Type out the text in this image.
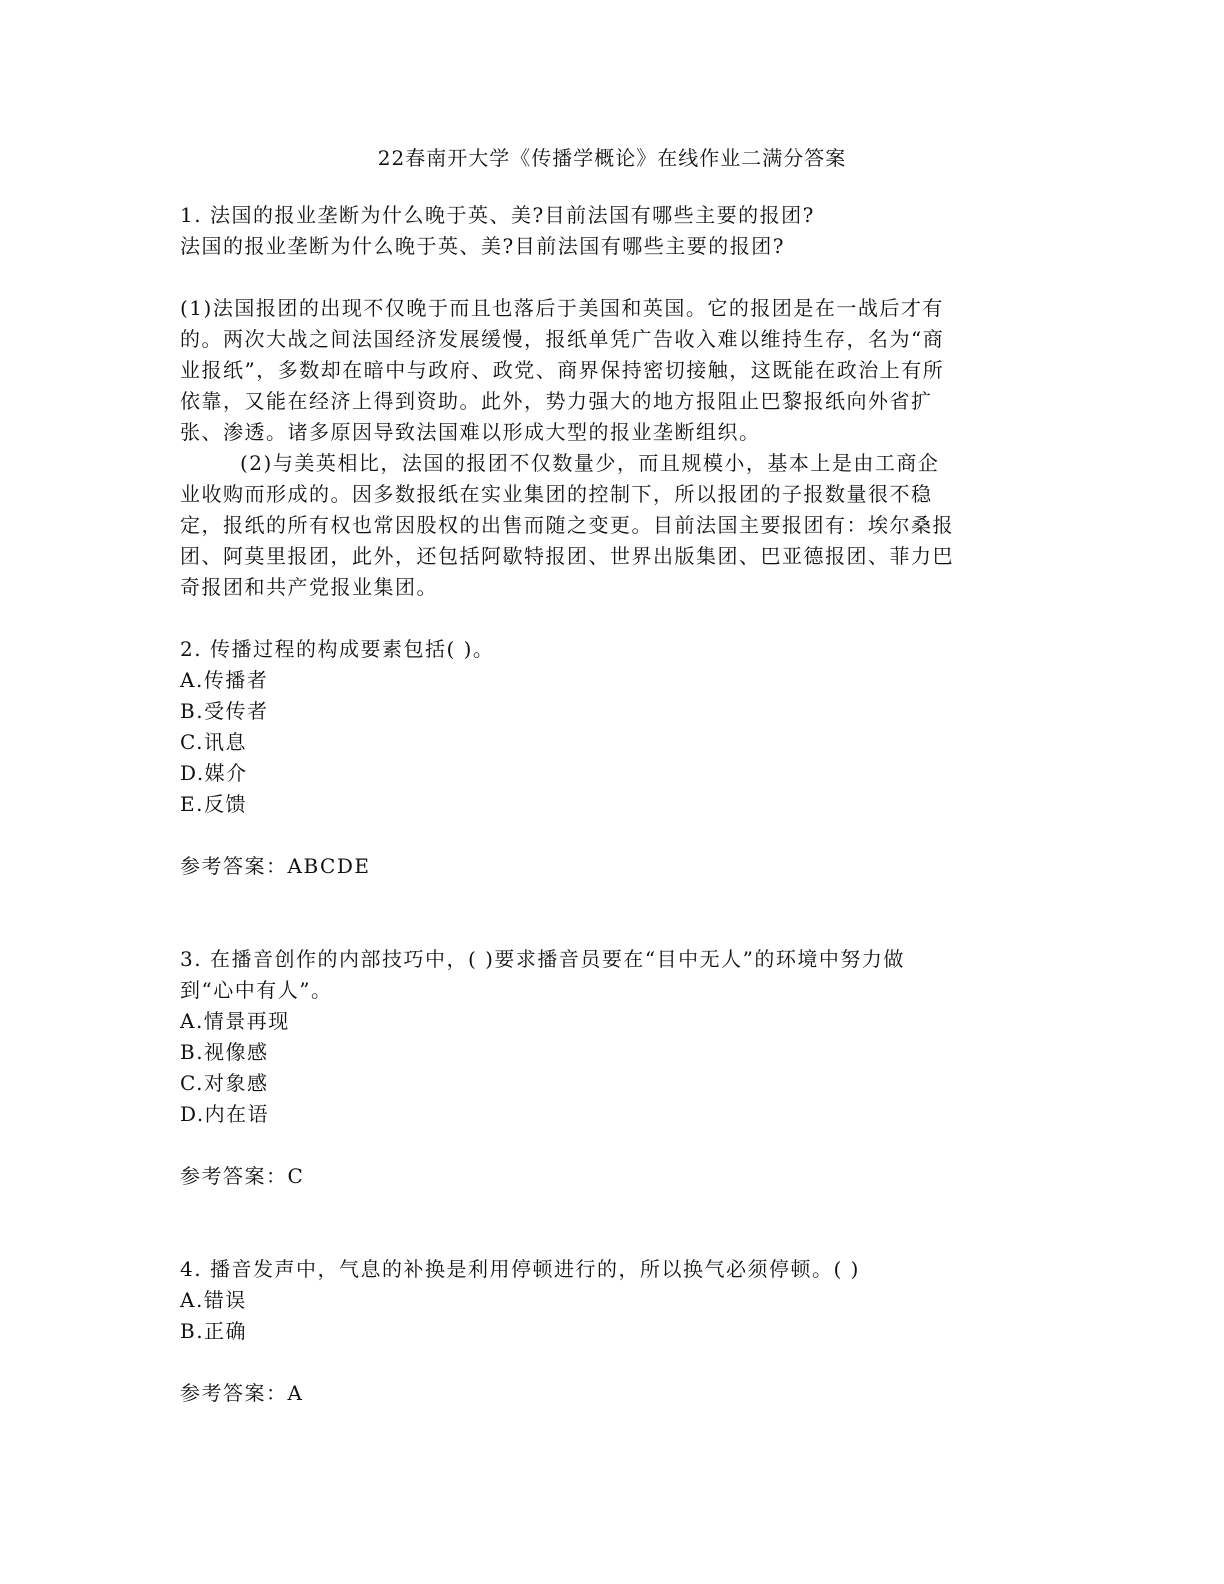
22春南开大学《传播学概论》在线作业二满分答案
1. 法国的报业垄断为什么晚于英、美?目前法国有哪些主要的报团?
法国的报业垄断为什么晚于英、美?目前法国有哪些主要的报团?
(1)法国报团的出现不仅晚于而且也落后于美国和英国。它的报团是在一战后才有
的。两次大战之间法国经济发展缓慢，报纸单凭广告收入难以维持生存，名为“商
业报纸”，多数却在暗中与政府、政党、商界保持密切接触，这既能在政治上有所
依靠，又能在经济上得到资助。此外，势力强大的地方报阻止巴黎报纸向外省扩
张、渗透。诸多原因导致法国难以形成大型的报业垄断组织。
(2)与美英相比，法国的报团不仅数量少，而且规模小，基本上是由工商企
业收购而形成的。因多数报纸在实业集团的控制下，所以报团的子报数量很不稳
定，报纸的所有权也常因股权的出售而随之变更。目前法国主要报团有：埃尔桑报
团、阿莫里报团，此外，还包括阿歇特报团、世界出版集团、巴亚德报团、菲力巴
奇报团和共产党报业集团。
2. 传播过程的构成要素包括( )。
A.传播者
B.受传者
C.讯息
D.媒介
E.反馈
参考答案：ABCDE
3. 在播音创作的内部技巧中，( )要求播音员要在“目中无人”的环境中努力做
到“心中有人”。
A.情景再现
B.视像感
C.对象感
D.内在语
参考答案：C
4. 播音发声中，气息的补换是利用停顿进行的，所以换气必须停顿。( )
A.错误
B.正确
参考答案：A
